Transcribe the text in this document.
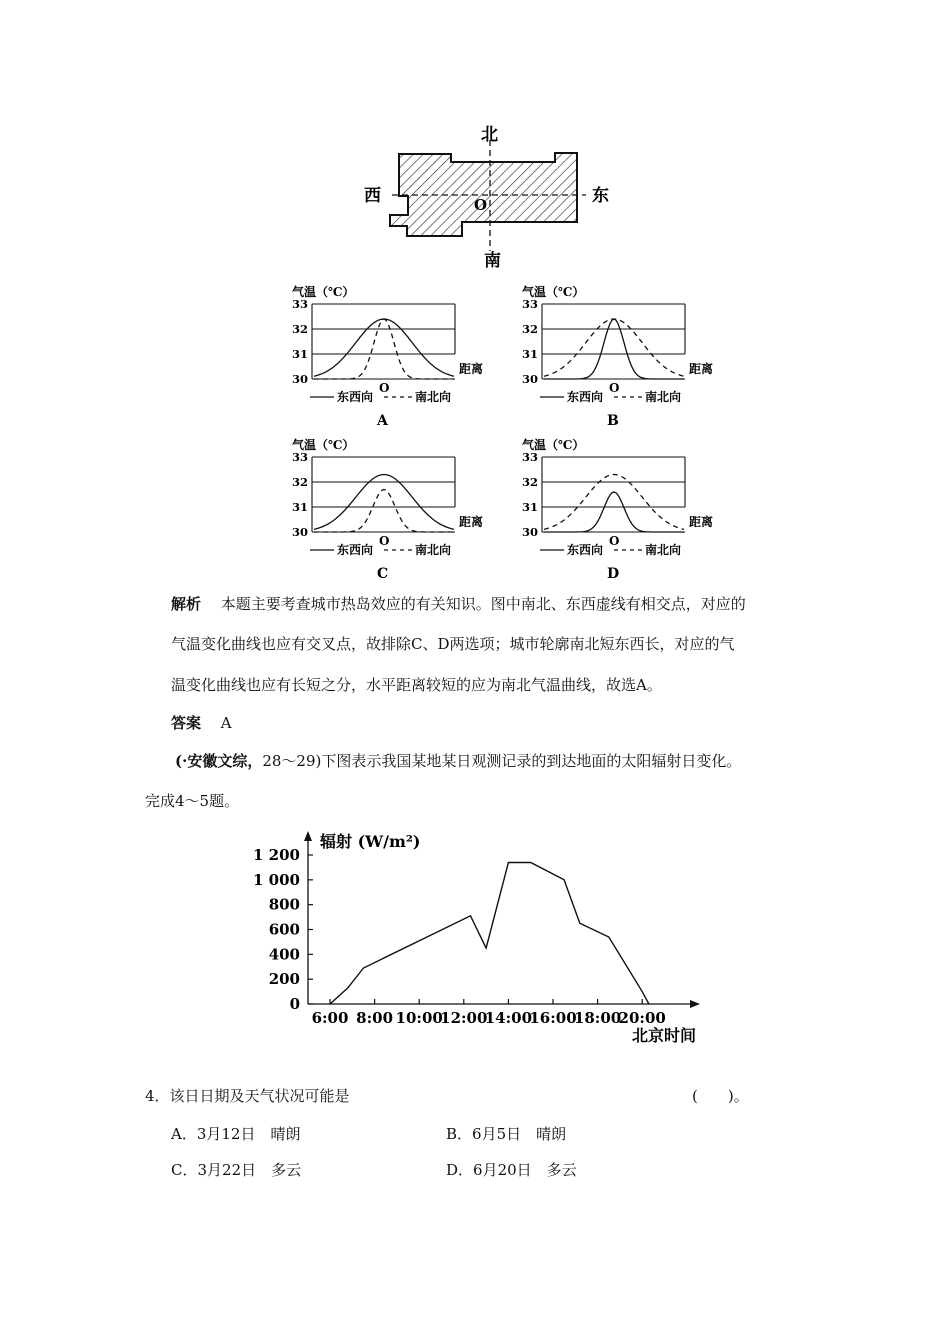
北
南
西	东
O
气温（℃）
33
32
31
30
O
距离
东西向	南北向
A
气温（℃）
33
32
31
30
O
距离
东西向	南北向
B
气温（℃）
33
32
31
30
O
距离
东西向	南北向
C
气温（℃）
33
32
31
30
O
距离
东西向	南北向
D
解析　 本题主要考查城市热岛效应的有关知识。图中南北、东西虚线有相交点，对应的
气温变化曲线也应有交叉点，故排除C、D两选项；城市轮廓南北短东西长，对应的气
温变化曲线也应有长短之分，水平距离较短的应为南北气温曲线，故选A。
答案　 A
(·安徽文综，28～29)下图表示我国某地某日观测记录的到达地面的太阳辐射日变化。
完成4～5题。
辐射 (W/m²)
北京时间
0
200
400
600
800
1 000
1 200
6:00 8:00 10:00
12:00
14:00
16:00
18:00
20:00
4．该日日期及天气状况可能是	(　　)。
A．3月12日　晴朗	B．6月5日　晴朗
C．3月22日　多云	D．6月20日　多云
